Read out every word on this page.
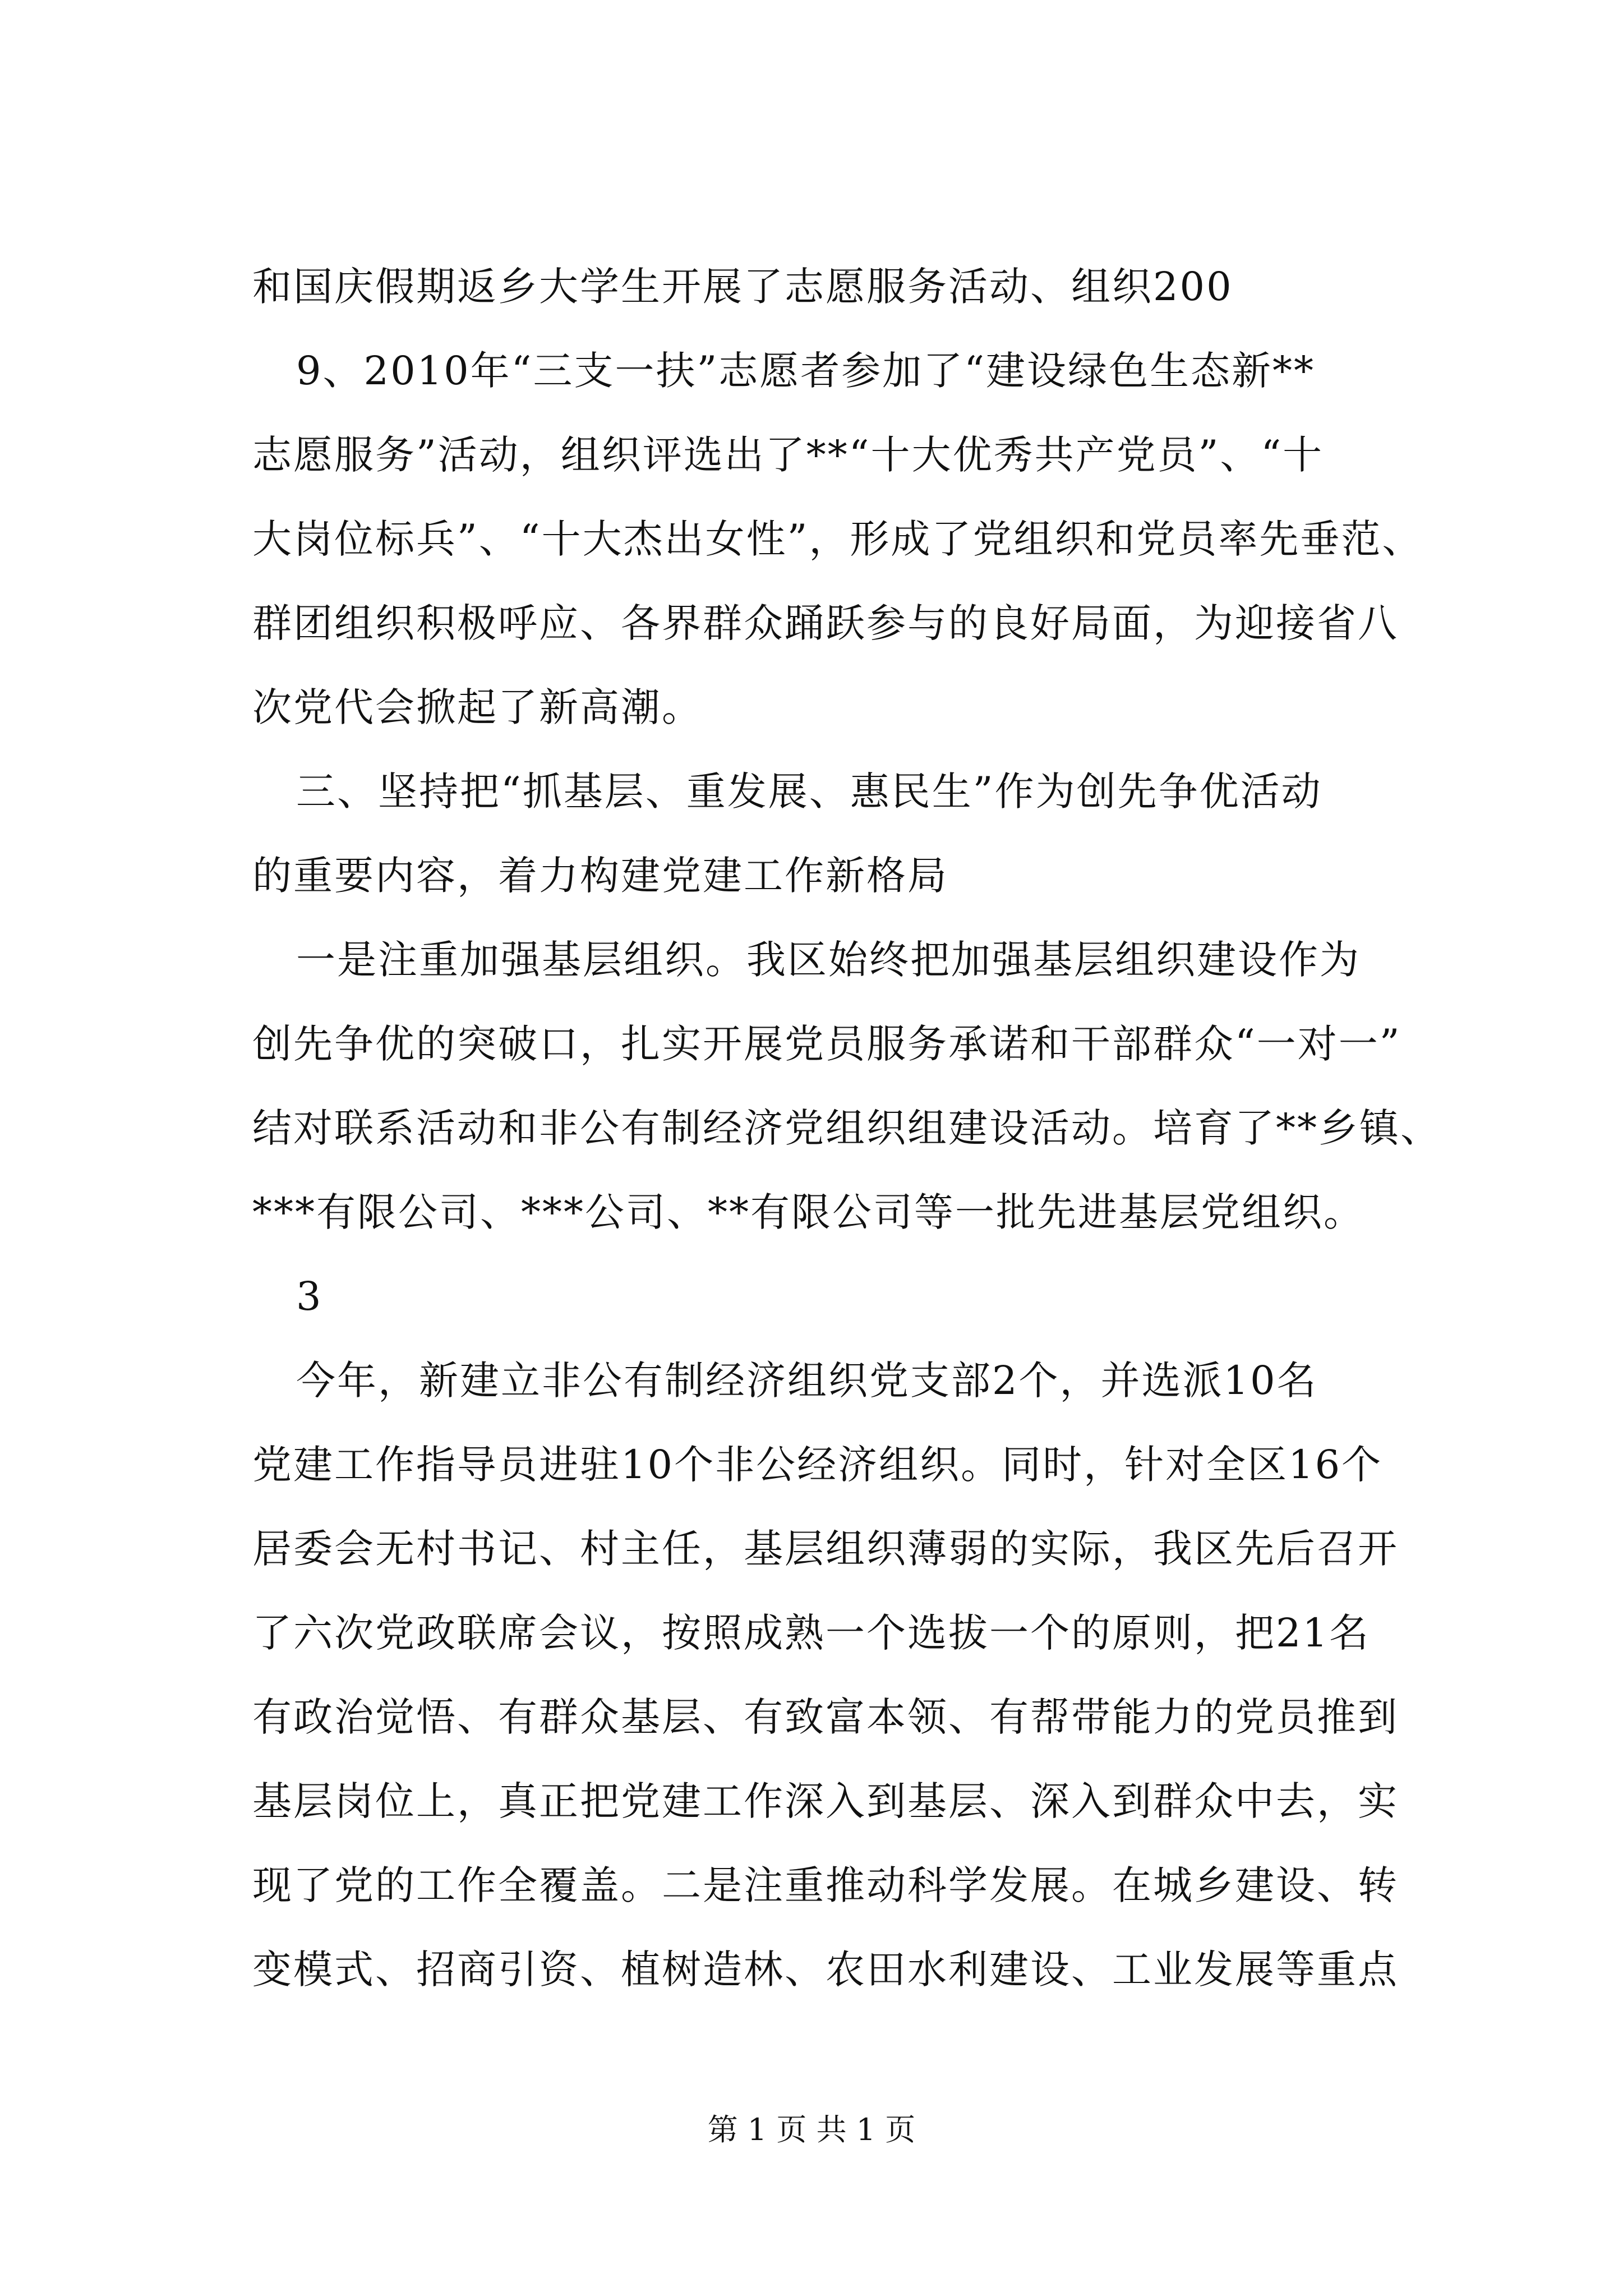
和国庆假期返乡大学生开展了志愿服务活动、组织200
9、2010年“三支一扶”志愿者参加了“建设绿色生态新**
志愿服务”活动，组织评选出了**“十大优秀共产党员”、“十
大岗位标兵”、“十大杰出女性”，形成了党组织和党员率先垂范、
群团组织积极呼应、各界群众踊跃参与的良好局面，为迎接省八
次党代会掀起了新高潮。
三、坚持把“抓基层、重发展、惠民生”作为创先争优活动
的重要内容，着力构建党建工作新格局
一是注重加强基层组织。我区始终把加强基层组织建设作为
创先争优的突破口，扎实开展党员服务承诺和干部群众“一对一”
结对联系活动和非公有制经济党组织组建设活动。培育了**乡镇、
***有限公司、***公司、**有限公司等一批先进基层党组织。
3
今年，新建立非公有制经济组织党支部2个，并选派10名
党建工作指导员进驻10个非公经济组织。同时，针对全区16个
居委会无村书记、村主任，基层组织薄弱的实际，我区先后召开
了六次党政联席会议，按照成熟一个选拔一个的原则，把21名
有政治觉悟、有群众基层、有致富本领、有帮带能力的党员推到
基层岗位上，真正把党建工作深入到基层、深入到群众中去，实
现了党的工作全覆盖。二是注重推动科学发展。在城乡建设、转
变模式、招商引资、植树造林、农田水利建设、工业发展等重点
第 1 页 共 1 页
